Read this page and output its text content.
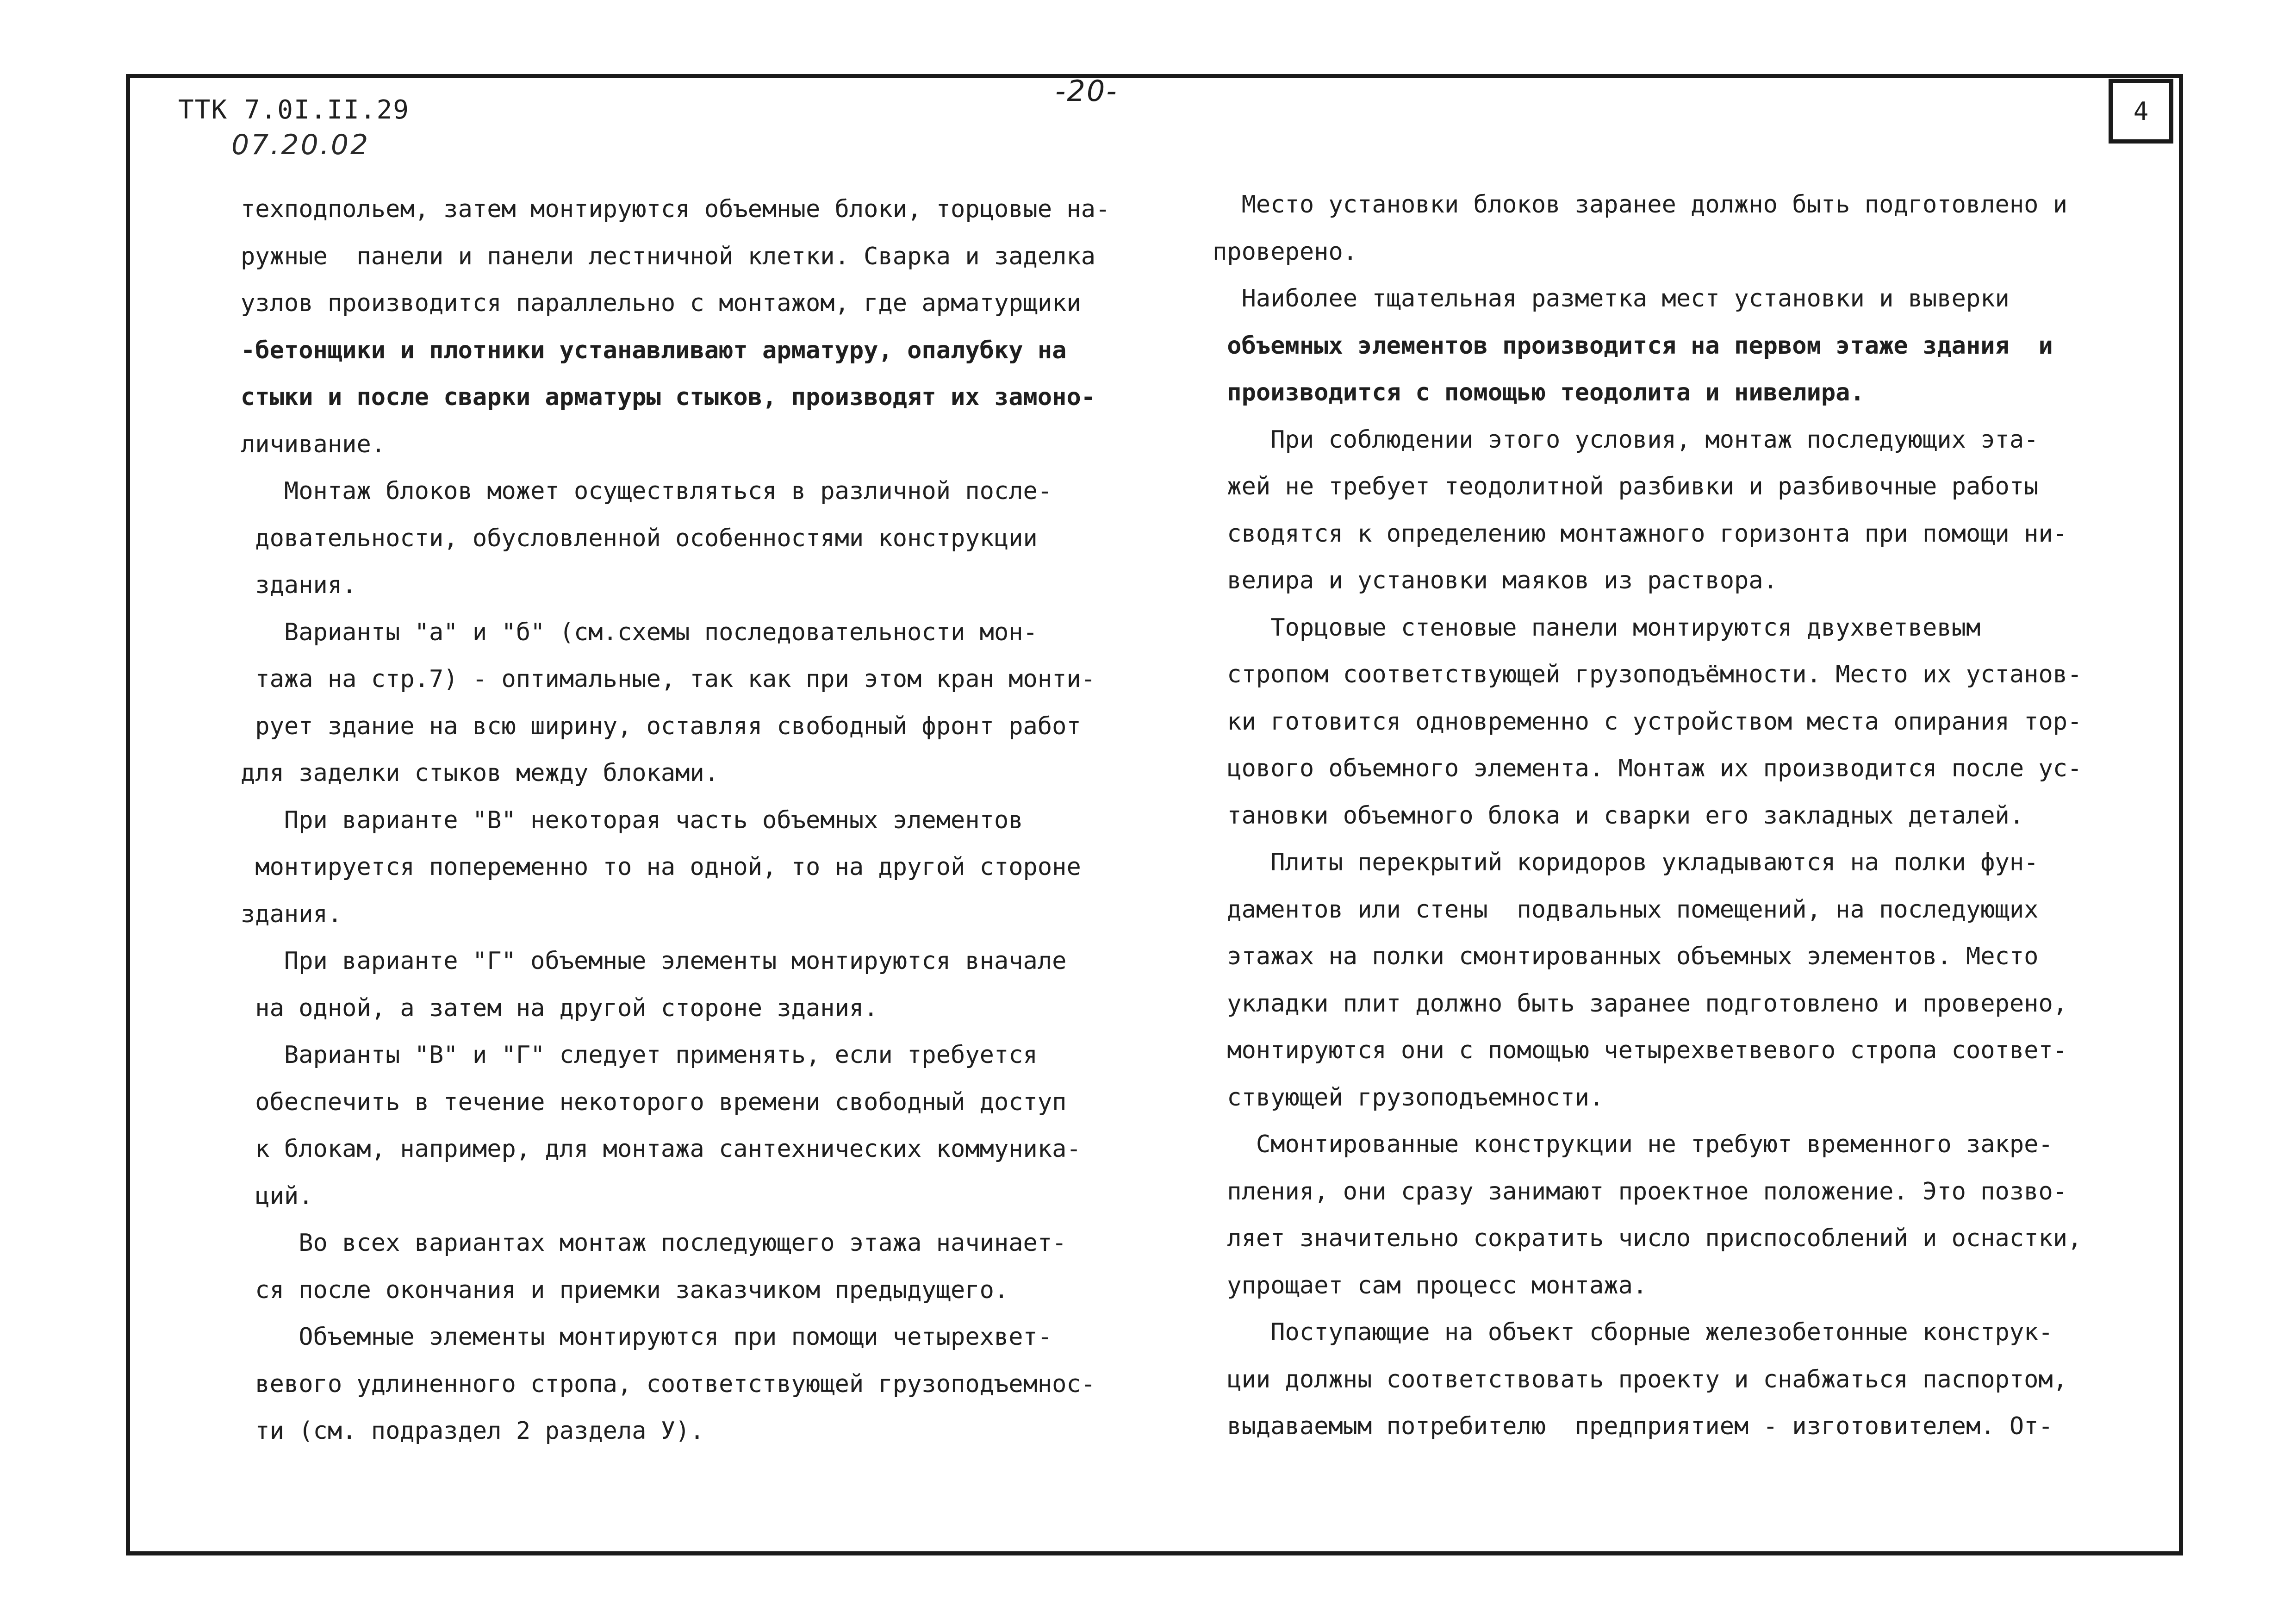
ТТК 7.0I.II.29
07.20.02
-20-
4
техподпольем, затем монтируются объемные блоки, торцовые на-
ружные  панели и панели лестничной клетки. Сварка и заделка
узлов производится параллельно с монтажом, где арматурщики
-бетонщики и плотники устанавливают арматуру, опалубку на
стыки и после сварки арматуры стыков, производят их замоно-
личивание.
Монтаж блоков может осуществляться в различной после-
довательности, обусловленной особенностями конструкции
здания.
Варианты "а" и "б" (см.схемы последовательности мон-
тажа на стр.7) - оптимальные, так как при этом кран монти-
рует здание на всю ширину, оставляя свободный фронт работ
для заделки стыков между блоками.
При варианте "В" некоторая часть объемных элементов
монтируется попеременно то на одной, то на другой стороне
здания.
При варианте "Г" объемные элементы монтируются вначале
на одной, а затем на другой стороне здания.
Варианты "В" и "Г" следует применять, если требуется
обеспечить в течение некоторого времени свободный доступ
к блокам, например, для монтажа сантехнических коммуника-
ций.
Во всех вариантах монтаж последующего этажа начинает-
ся после окончания и приемки заказчиком предыдущего.
Объемные элементы монтируются при помощи четырехвет-
вевого удлиненного стропа, соответствующей грузоподъемнос-
ти (см. подраздел 2 раздела У).
Место установки блоков заранее должно быть подготовлено и
проверено.
Наиболее тщательная разметка мест установки и выверки
объемных элементов производится на первом этаже здания  и
производится с помощью теодолита и нивелира.
При соблюдении этого условия, монтаж последующих эта-
жей не требует теодолитной разбивки и разбивочные работы
сводятся к определению монтажного горизонта при помощи ни-
велира и установки маяков из раствора.
Торцовые стеновые панели монтируются двухветвевым
стропом соответствующей грузоподъёмности. Место их установ-
ки готовится одновременно с устройством места опирания тор-
цового объемного элемента. Монтаж их производится после ус-
тановки объемного блока и сварки его закладных деталей.
Плиты перекрытий коридоров укладываются на полки фун-
даментов или стены  подвальных помещений, на последующих
этажах на полки смонтированных объемных элементов. Место
укладки плит должно быть заранее подготовлено и проверено,
монтируются они с помощью четырехветвевого стропа соответ-
ствующей грузоподъемности.
Смонтированные конструкции не требуют временного закре-
пления, они сразу занимают проектное положение. Это позво-
ляет значительно сократить число приспособлений и оснастки,
упрощает сам процесс монтажа.
Поступающие на объект сборные железобетонные конструк-
ции должны соответствовать проекту и снабжаться паспортом,
выдаваемым потребителю  предприятием - изготовителем. От-
